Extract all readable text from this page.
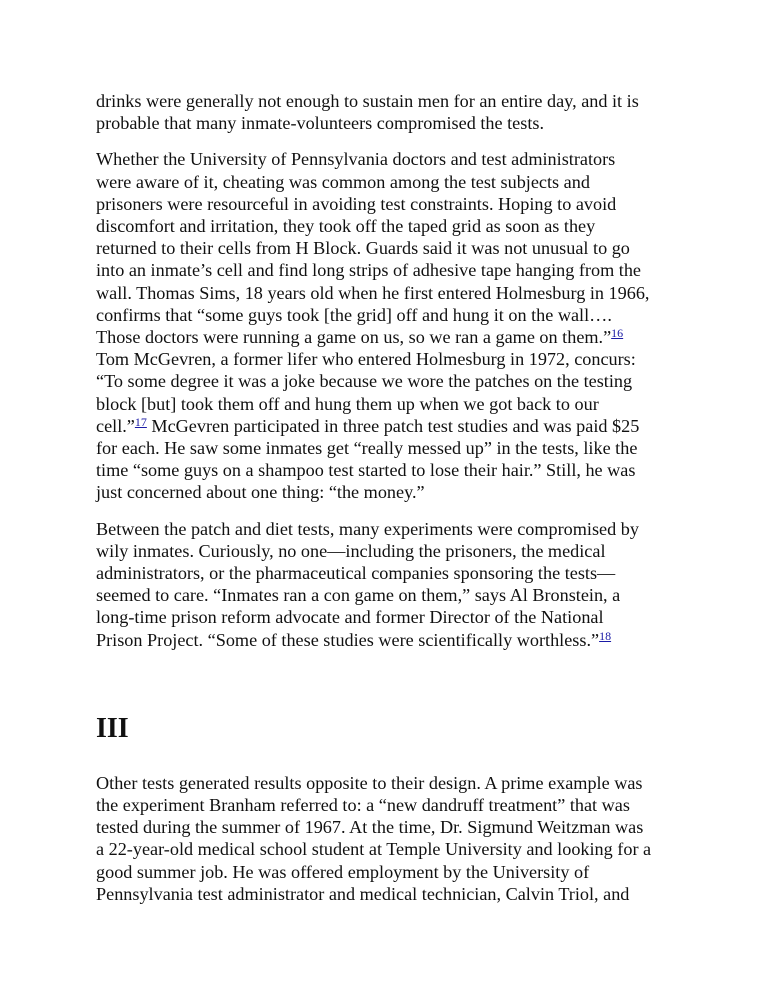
drinks were generally not enough to sustain men for an entire day, and it is
probable that many inmate-volunteers compromised the tests.

Whether the University of Pennsylvania doctors and test administrators
were aware of it, cheating was common among the test subjects and
prisoners were resourceful in avoiding test constraints. Hoping to avoid
discomfort and irritation, they took off the taped grid as soon as they
returned to their cells from H Block. Guards said it was not unusual to go
into an inmate’s cell and find long strips of adhesive tape hanging from the
wall. Thomas Sims, 18 years old when he first entered Holmesburg in 1966,
confirms that “some guys took [the grid] off and hung it on the wall….
Those doctors were running a game on us, so we ran a game on them.”$^{16}$
Tom McGevren, a former lifer who entered Holmesburg in 1972, concurs:
“To some degree it was a joke because we wore the patches on the testing
block [but] took them off and hung them up when we got back to our
cell.”$^{17}$ McGevren participated in three patch test studies and was paid $25
for each. He saw some inmates get “really messed up” in the tests, like the
time “some guys on a shampoo test started to lose their hair.” Still, he was
just concerned about one thing: “the money.”

Between the patch and diet tests, many experiments were compromised by
wily inmates. Curiously, no one—including the prisoners, the medical
administrators, or the pharmaceutical companies sponsoring the tests—
seemed to care. “Inmates ran a con game on them,” says Al Bronstein, a
long-time prison reform advocate and former Director of the National
Prison Project. “Some of these studies were scientifically worthless.”$^{18}$

III

Other tests generated results opposite to their design. A prime example was
the experiment Branham referred to: a “new dandruff treatment” that was
tested during the summer of 1967. At the time, Dr. Sigmund Weitzman was
a 22-year-old medical school student at Temple University and looking for a
good summer job. He was offered employment by the University of
Pennsylvania test administrator and medical technician, Calvin Triol, and
